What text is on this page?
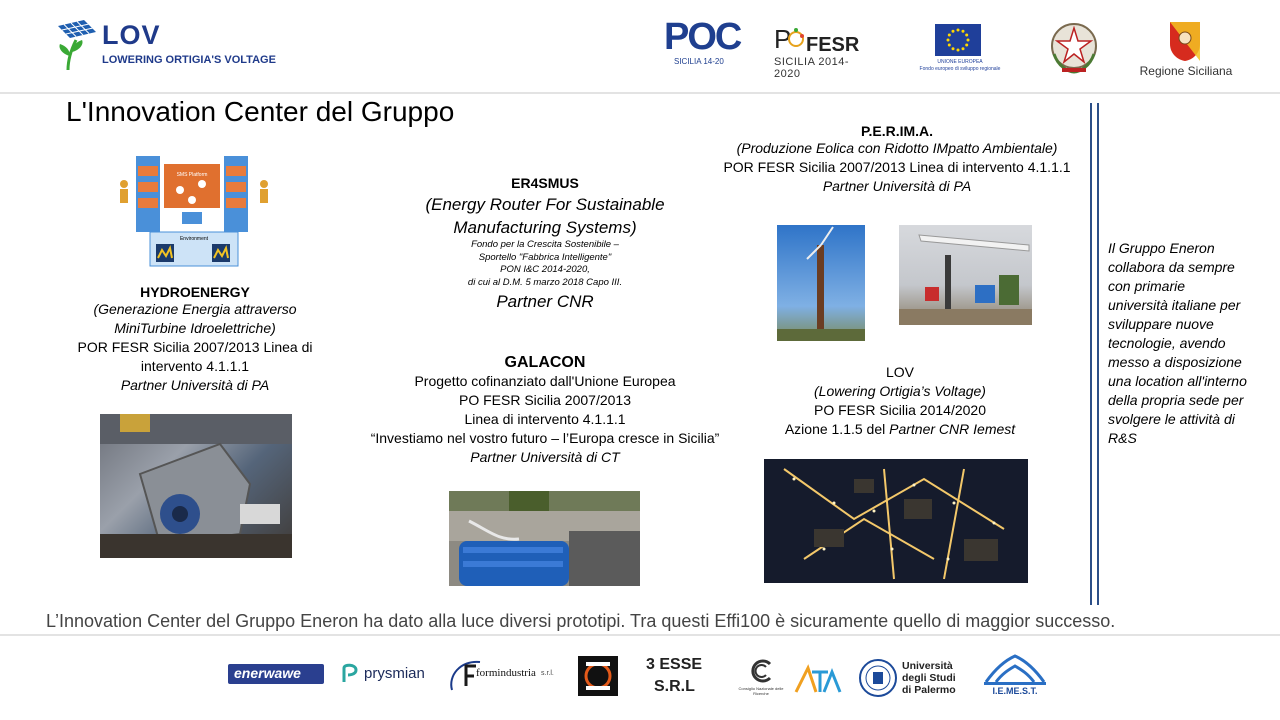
LOV
LOWERING ORTIGIA'S VOLTAGE
POC
SICILIA 14-20
P FESR
SICILIA 2014-2020
UNIONE EUROPEA
Fondo europeo di sviluppo regionale	Regione Siciliana
L'Innovation Center del Gruppo
SMS Platform
Environment
HYDROENERGY
(Generazione Energia attraverso
MiniTurbine Idroelettriche)
POR FESR Sicilia 2007/2013 Linea di
intervento 4.1.1.1
Partner Università di PA
ER4SMUS
(Energy Router For Sustainable
Manufacturing Systems)
Fondo per la Crescita Sostenibile –
Sportello "Fabbrica Intelligente"
PON I&C 2014-2020,
di cui al D.M. 5 marzo 2018 Capo III.
Partner CNR
GALACON
Progetto cofinanziato dall'Unione Europea
PO FESR Sicilia 2007/2013
Linea di intervento 4.1.1.1
“Investiamo nel vostro futuro – l’Europa cresce in Sicilia”
Partner Università di CT
P.E.R.IM.A.
(Produzione Eolica con Ridotto IMpatto Ambientale)
POR FESR Sicilia 2007/2013 Linea di intervento 4.1.1.1
Partner Università di PA
LOV
(Lowering Ortigia’s Voltage)
PO FESR Sicilia 2014/2020
Azione 1.1.5 del Partner CNR Iemest
Il Gruppo Eneron collabora da sempre con primarie università italiane per sviluppare nuove tecnologie, avendo messo a disposizione una location all'interno della propria sede per svolgere le attività di R&S
L’Innovation Center del Gruppo Eneron ha dato alla luce diversi prototipi. Tra questi Effi100 è sicuramente quello di maggior successo.
enerwawe	prysmian	formindustria s.r.l.
3 ESSE
S.R.L	Consiglio Nazionale delle Ricerche
Università
degli Studi
di Palermo	I.E.ME.S.T.
